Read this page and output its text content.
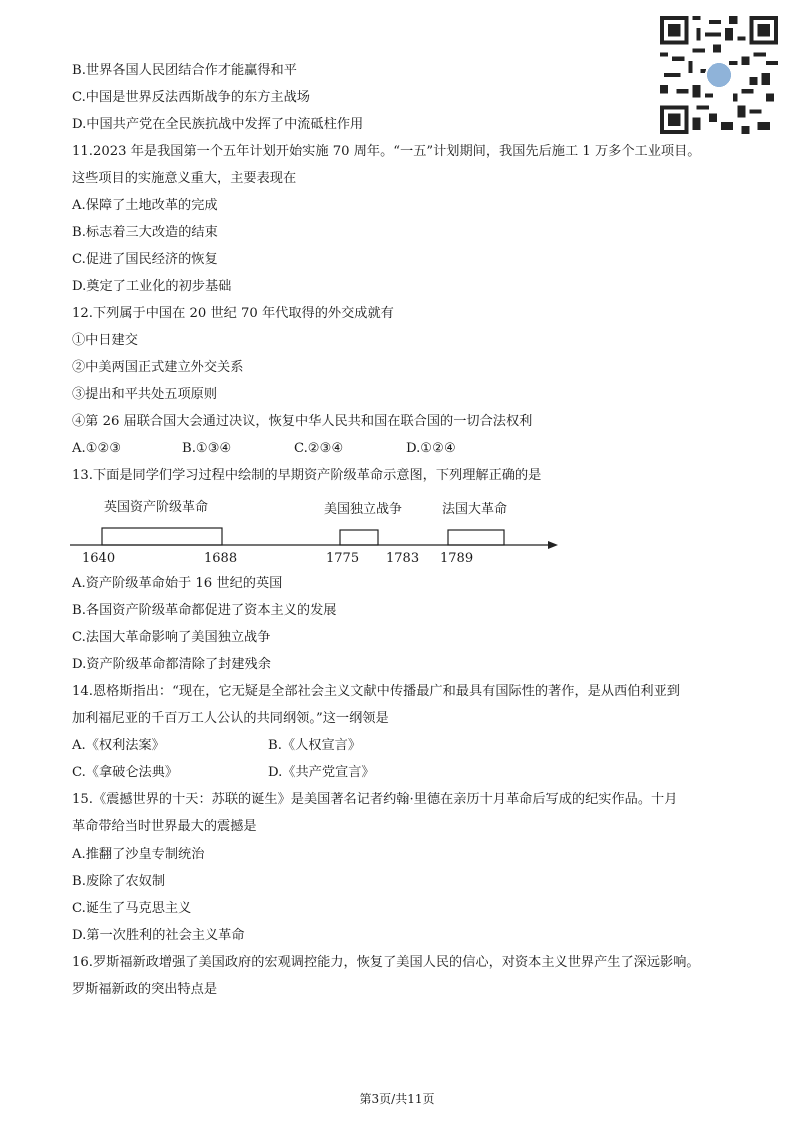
B.世界各国人民团结合作才能赢得和平
C.中国是世界反法西斯战争的东方主战场
D.中国共产党在全民族抗战中发挥了中流砥柱作用
11.2023 年是我国第一个五年计划开始实施 70 周年。“一五”计划期间，我国先后施工 1 万多个工业项目。
这些项目的实施意义重大，主要表现在
A.保障了土地改革的完成
B.标志着三大改造的结束
C.促进了国民经济的恢复
D.奠定了工业化的初步基础
12.下列属于中国在 20 世纪 70 年代取得的外交成就有
①中日建交
②中美两国正式建立外交关系
③提出和平共处五项原则
④第 26 届联合国大会通过决议，恢复中华人民共和国在联合国的一切合法权利
A.①②③	B.①③④	C.②③④	D.①②④
13.下面是同学们学习过程中绘制的早期资产阶级革命示意图，下列理解正确的是
英国资产阶级革命	美国独立战争	法国大革命
1640	1688	1775 1783 1789
A.资产阶级革命始于 16 世纪的英国
B.各国资产阶级革命都促进了资本主义的发展
C.法国大革命影响了美国独立战争
D.资产阶级革命都清除了封建残余
14.恩格斯指出：“现在，它无疑是全部社会主义文献中传播最广和最具有国际性的著作，是从西伯利亚到
加利福尼亚的千百万工人公认的共同纲领。”这一纲领是
A.《权利法案》	B.《人权宣言》
C.《拿破仑法典》	D.《共产党宣言》
15.《震撼世界的十天：苏联的诞生》是美国著名记者约翰·里德在亲历十月革命后写成的纪实作品。十月
革命带给当时世界最大的震撼是
A.推翻了沙皇专制统治
B.废除了农奴制
C.诞生了马克思主义
D.第一次胜利的社会主义革命
16.罗斯福新政增强了美国政府的宏观调控能力，恢复了美国人民的信心，对资本主义世界产生了深远影响。
罗斯福新政的突出特点是
第3页/共11页
